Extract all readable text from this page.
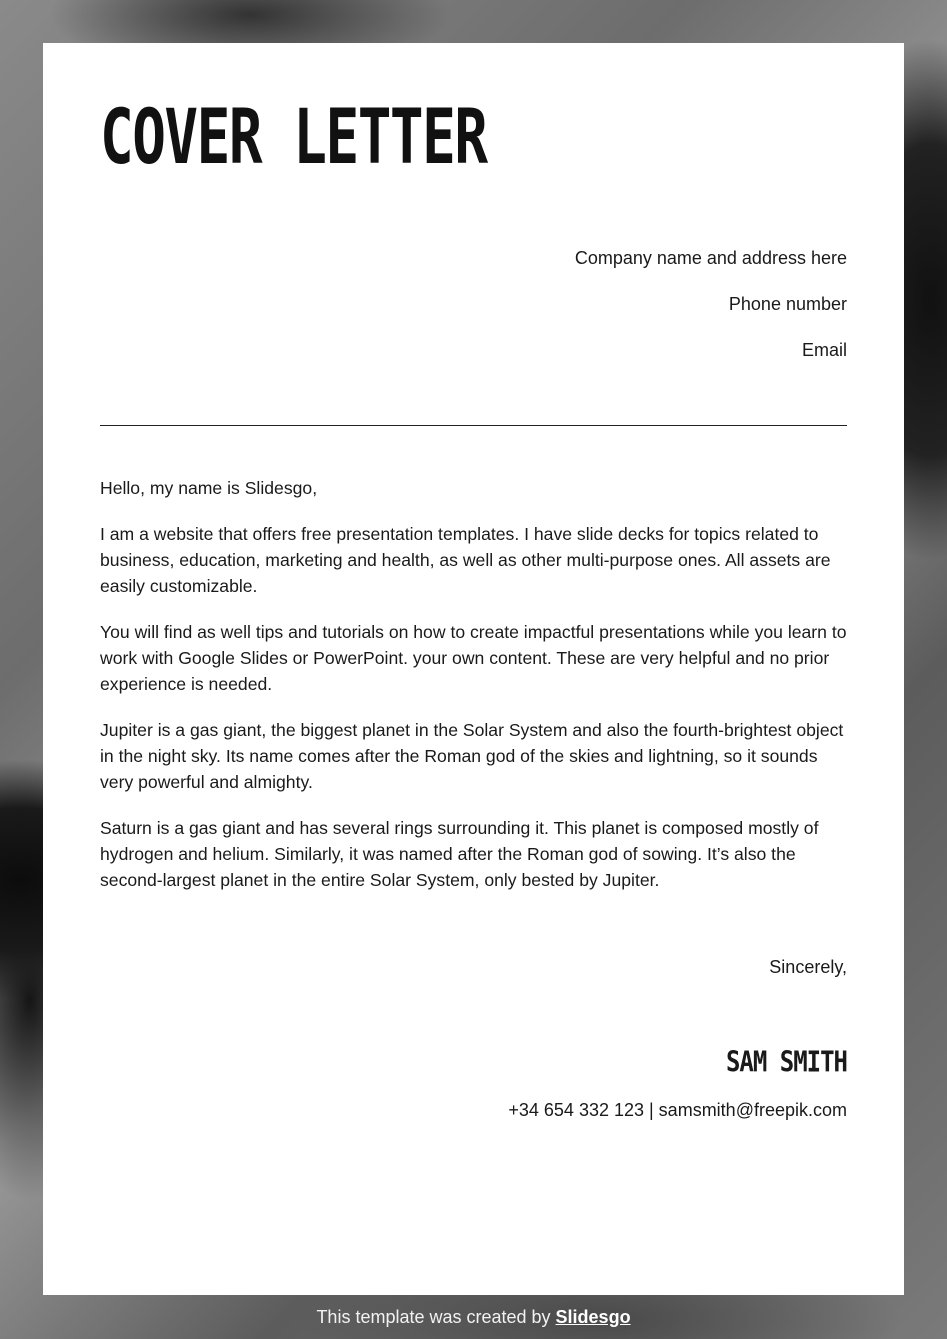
COVER LETTER
Company name and address here
Phone number
Email

Hello, my name is Slidesgo,

I am a website that offers free presentation templates. I have slide decks for topics related to business, education, marketing and health, as well as other multi-purpose ones. All assets are easily customizable.

You will find as well tips and tutorials on how to create impactful presentations while you learn to work with Google Slides or PowerPoint. your own content. These are very helpful and no prior experience is needed.

Jupiter is a gas giant, the biggest planet in the Solar System and also the fourth-brightest object in the night sky. Its name comes after the Roman god of the skies and lightning, so it sounds very powerful and almighty.

Saturn is a gas giant and has several rings surrounding it. This planet is composed mostly of hydrogen and helium. Similarly, it was named after the Roman god of sowing. It’s also the second-largest planet in the entire Solar System, only bested by Jupiter.

Sincerely,
SAM SMITH
+34 654 332 123 | samsmith@freepik.com
This template was created by Slidesgo
